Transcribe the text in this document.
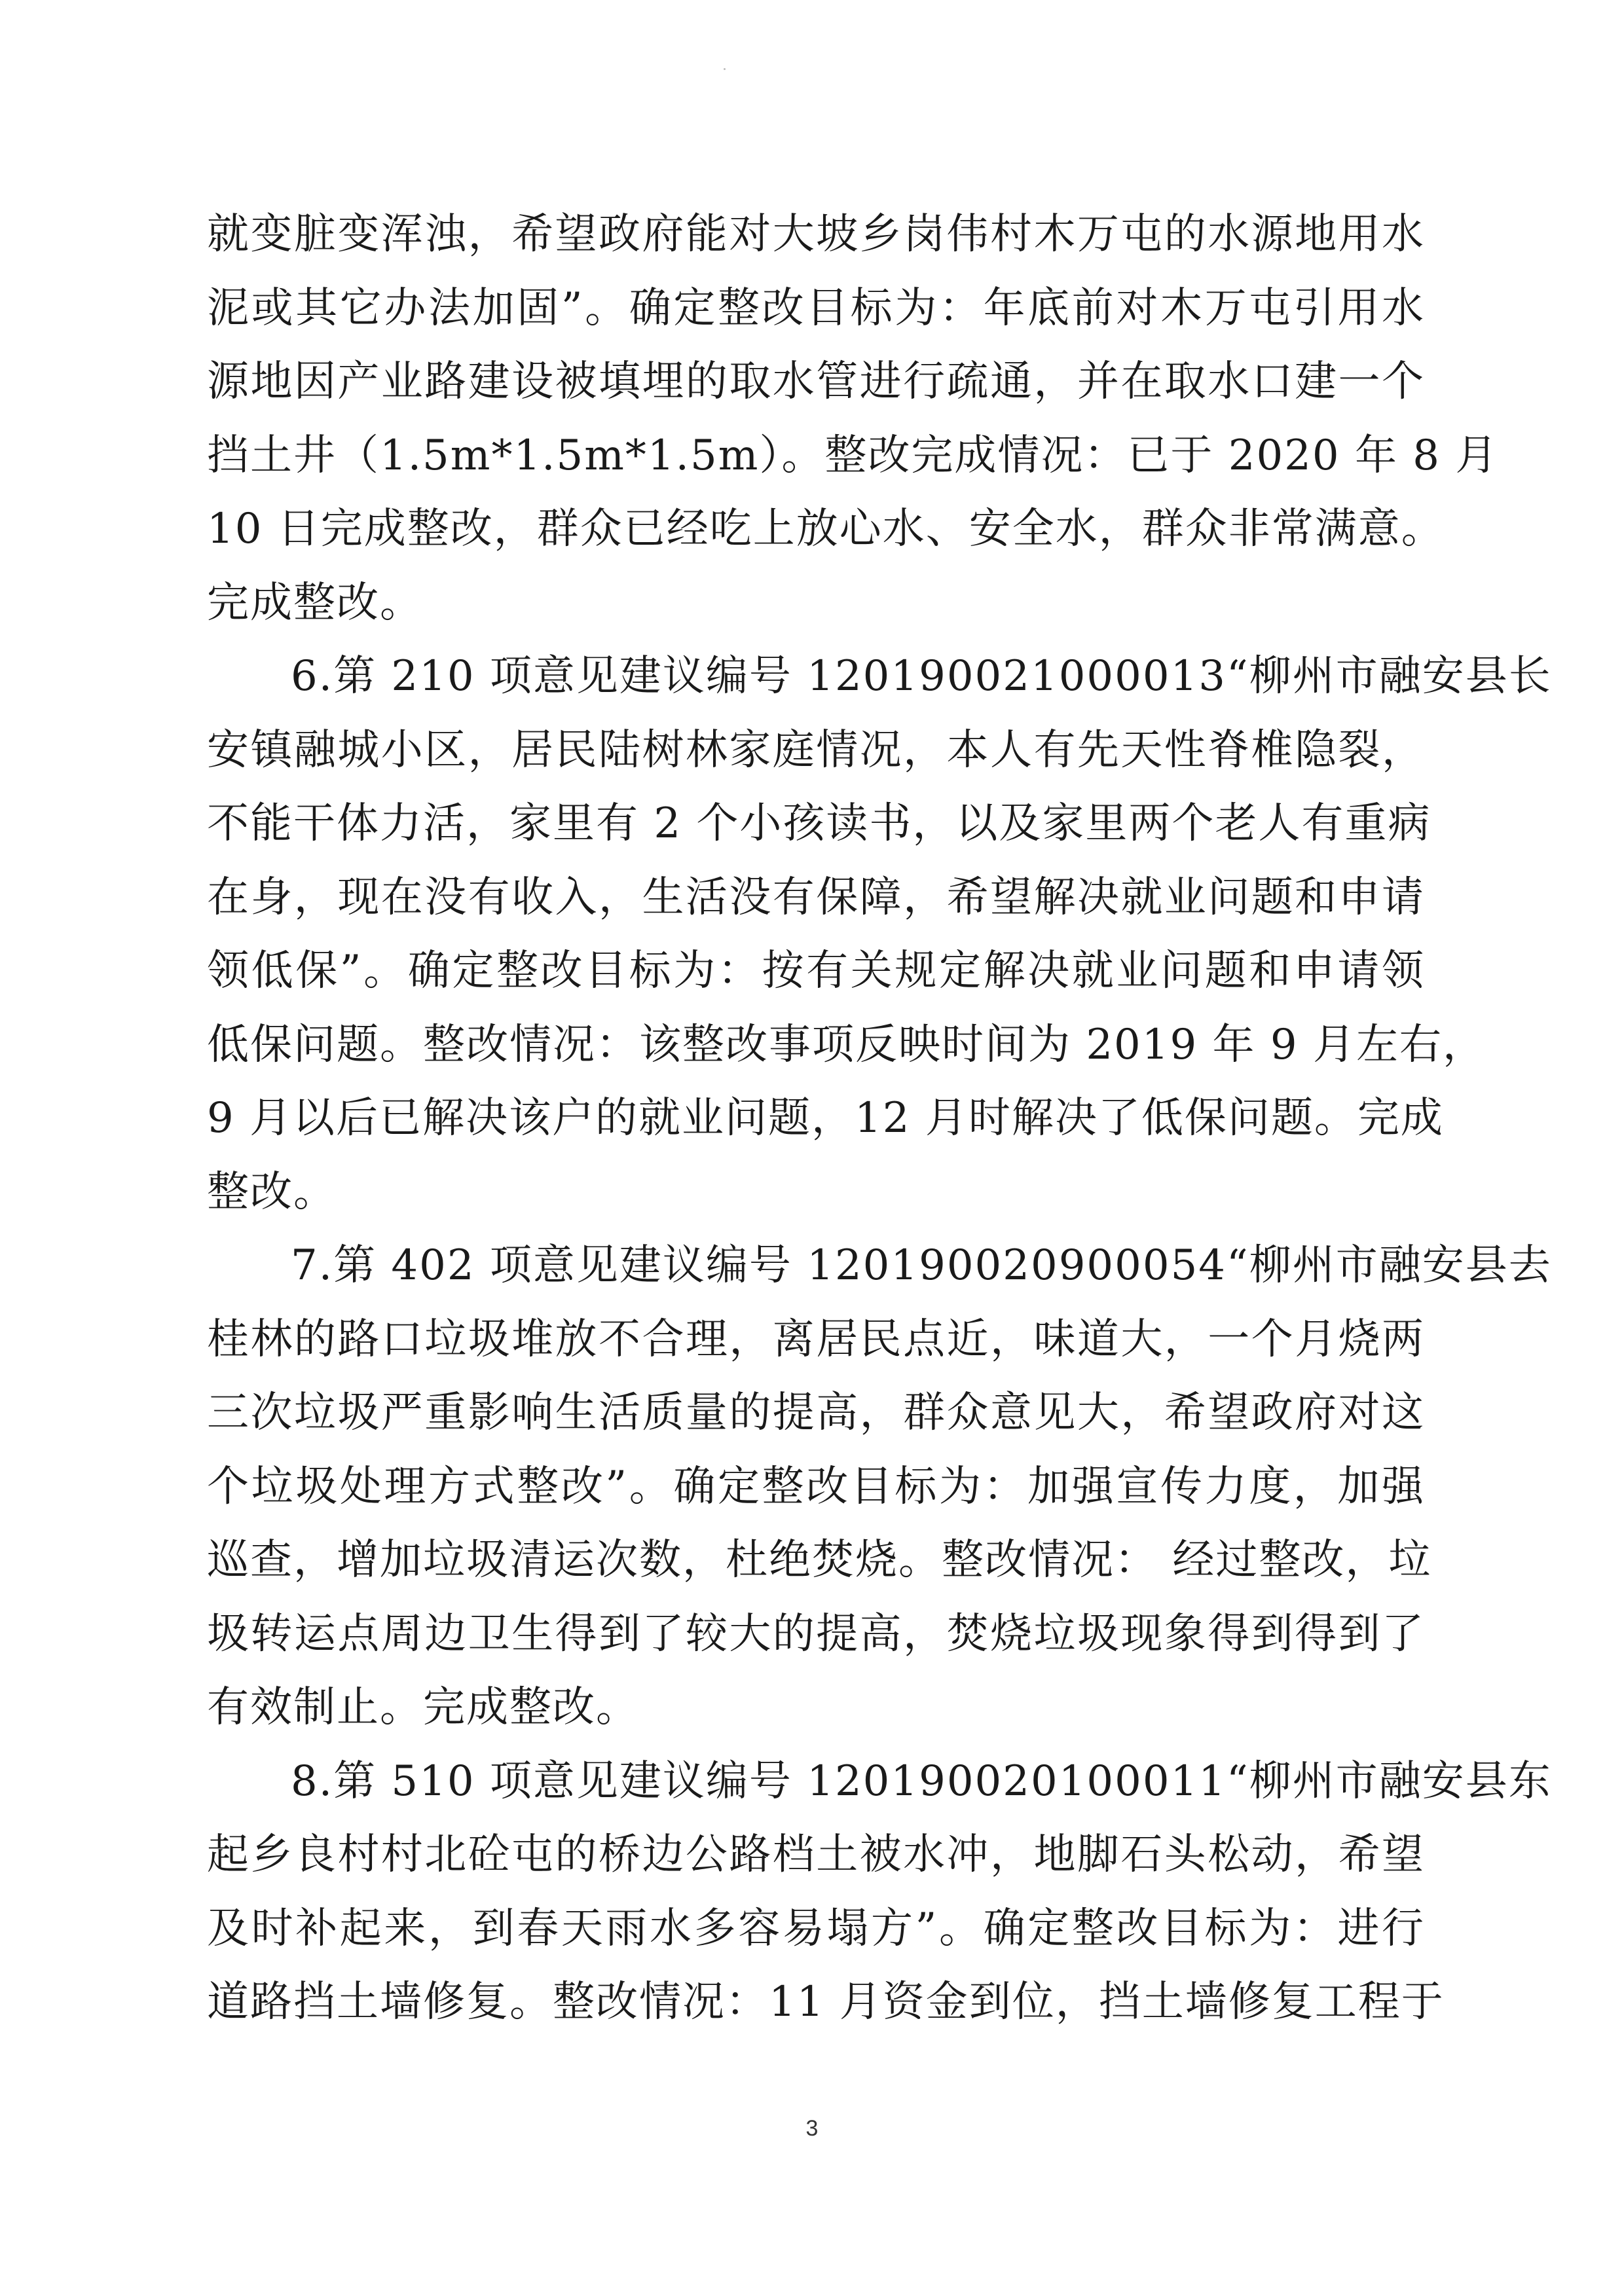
就变脏变浑浊，希望政府能对大坡乡岗伟村木万屯的水源地用水
泥或其它办法加固”。确定整改目标为：年底前对木万屯引用水
源地因产业路建设被填埋的取水管进行疏通，并在取水口建一个
挡土井（1.5m*1.5m*1.5m）。整改完成情况：已于 2020 年 8 月
10 日完成整改，群众已经吃上放心水、安全水，群众非常满意。
完成整改。
6.第 210 项意见建议编号 120190021000013“柳州市融安县长
安镇融城小区，居民陆树林家庭情况，本人有先天性脊椎隐裂，
不能干体力活，家里有 2 个小孩读书，以及家里两个老人有重病
在身，现在没有收入，生活没有保障，希望解决就业问题和申请
领低保”。确定整改目标为：按有关规定解决就业问题和申请领
低保问题。整改情况：该整改事项反映时间为 2019 年 9 月左右，
9 月以后已解决该户的就业问题，12 月时解决了低保问题。完成
整改。
7.第 402 项意见建议编号 120190020900054“柳州市融安县去
桂林的路口垃圾堆放不合理，离居民点近，味道大，一个月烧两
三次垃圾严重影响生活质量的提高，群众意见大，希望政府对这
个垃圾处理方式整改”。确定整改目标为：加强宣传力度，加强
巡查，增加垃圾清运次数，杜绝焚烧。整改情况： 经过整改，垃
圾转运点周边卫生得到了较大的提高，焚烧垃圾现象得到得到了
有效制止。完成整改。
8.第 510 项意见建议编号 120190020100011“柳州市融安县东
起乡良村村北砼屯的桥边公路档土被水冲，地脚石头松动，希望
及时补起来，到春天雨水多容易塌方”。确定整改目标为：进行
道路挡土墙修复。整改情况：11 月资金到位，挡土墙修复工程于
3
